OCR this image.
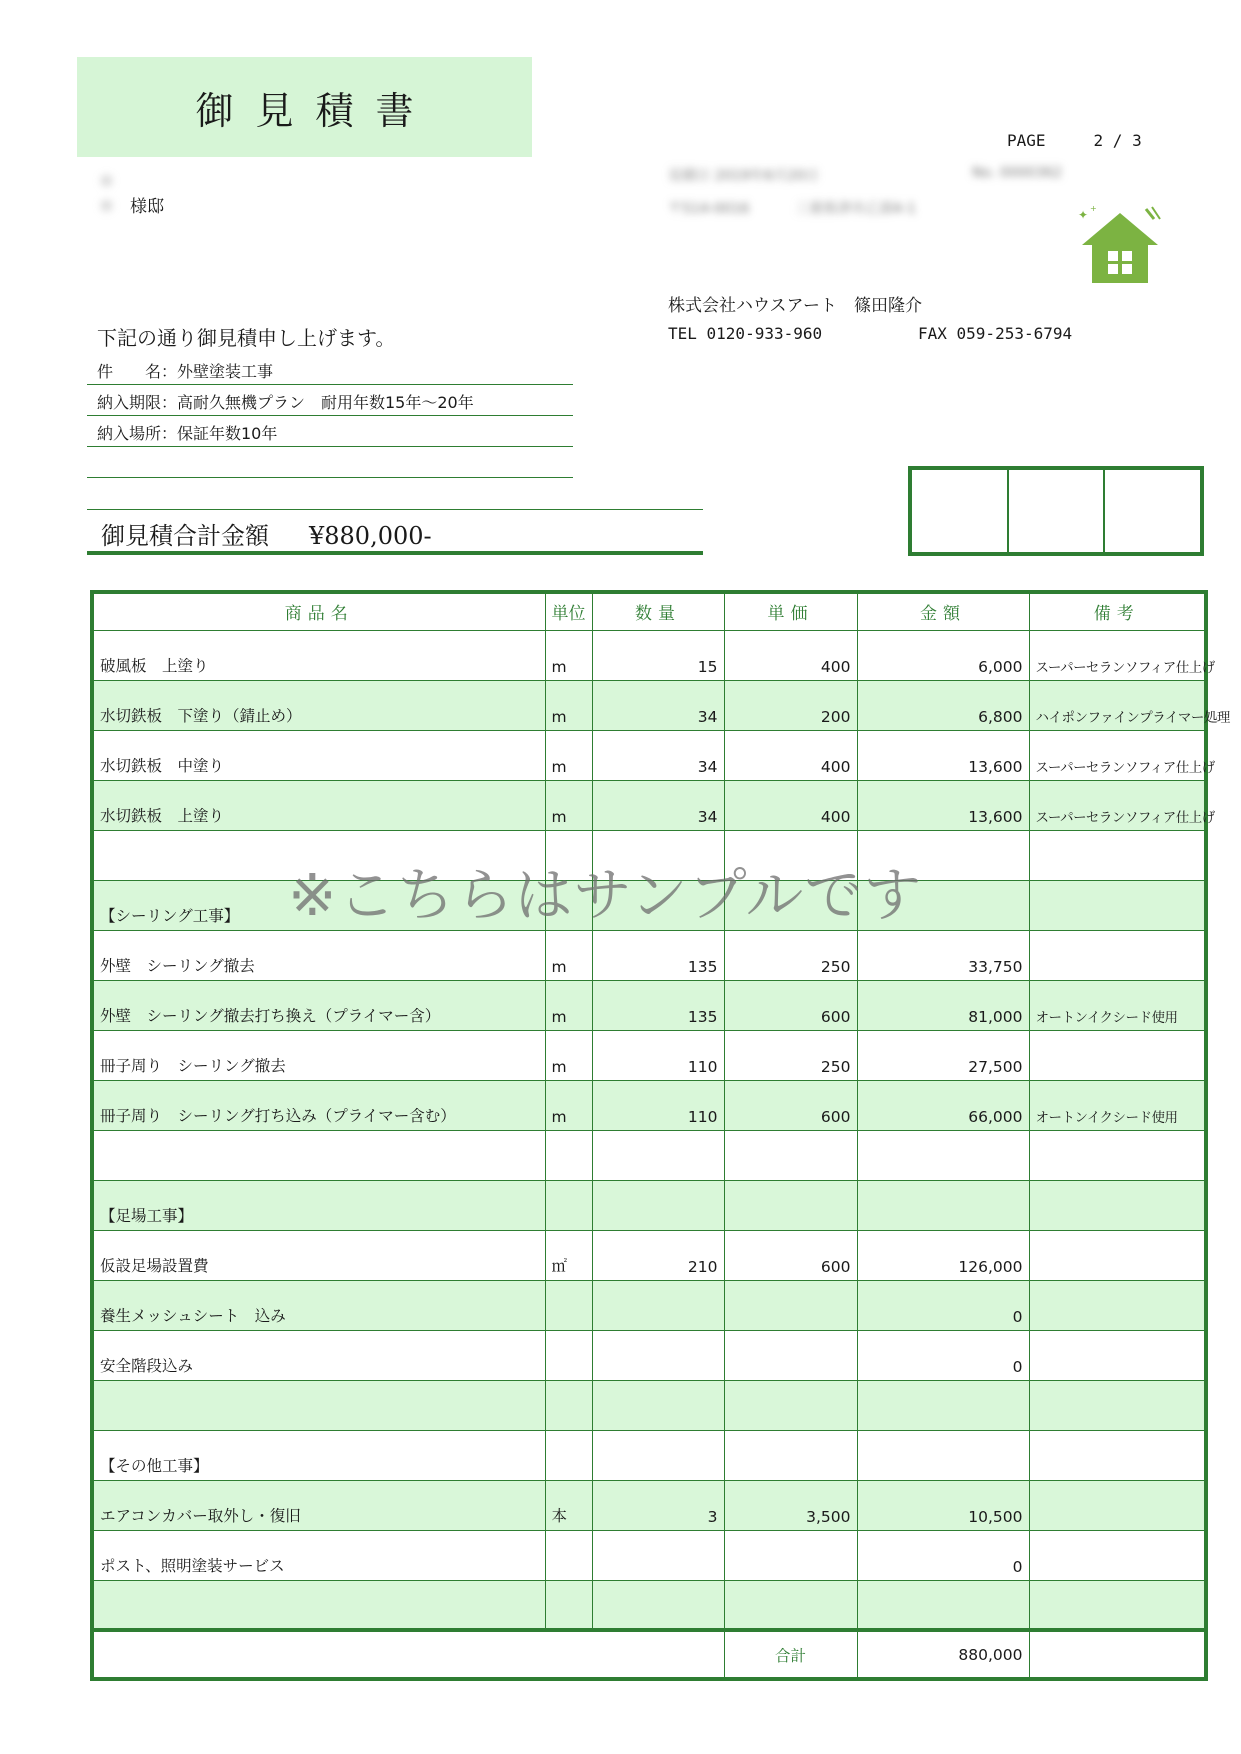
御見積書
PAGE	2 / 3
見積日 2019年6月20日	No. 0000362
〒514-0016	三重県津市乙部4-1
＊＊ 様邸	✦ +
株式会社ハウスアート　篠田隆介
TEL 0120-933-960	FAX 059-253-6794
下記の通り御見積申し上げます。
件　　名：外壁塗装工事
納入期限：高耐久無機プラン　耐用年数15年～20年
納入場所：保証年数10年
御見積合計金額 ¥880,000-
商品名	単位	数量	単価	金額	備考
破風板　上塗り	m	15	400	6,000	スーパーセランソフィア仕上げ
水切鉄板　下塗り（錆止め）	m	34	200	6,800	ハイポンファインプライマー処理
水切鉄板　中塗り	m	34	400	13,600	スーパーセランソフィア仕上げ
水切鉄板　上塗り	m	34	400	13,600	スーパーセランソフィア仕上げ

【シーリング工事】					
外壁　シーリング撤去	m	135	250	33,750	
外壁　シーリング撤去打ち換え（プライマー含）	m	135	600	81,000	オートンイクシード使用
冊子周り　シーリング撤去	m	110	250	27,500	
冊子周り　シーリング打ち込み（プライマー含む）	m	110	600	66,000	オートンイクシード使用

【足場工事】					
仮設足場設置費	㎡	210	600	126,000	
養生メッシュシート　込み				0	
安全階段込み				0	

【その他工事】					
エアコンカバー取外し・復旧	本	3	3,500	10,500	
ポスト、照明塗装サービス				0	

			合計	880,000	
※こちらはサンプルです
